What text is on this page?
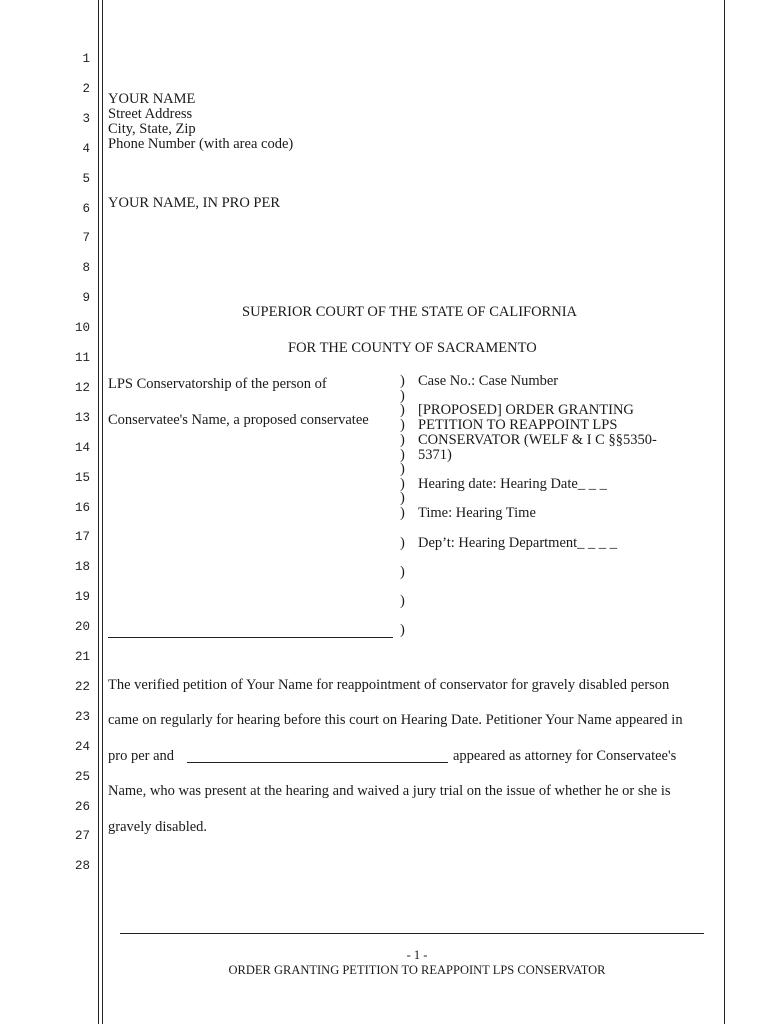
1
2
3
4
5
6
7
8
9
10
11
12
13
14
15
16
17
18
19
20
21
22
23
24
25
26
27
28
YOUR NAME
Street Address
City, State, Zip
Phone Number (with area code)
YOUR NAME, IN PRO PER
SUPERIOR COURT OF THE STATE OF CALIFORNIA
FOR THE COUNTY OF SACRAMENTO
LPS Conservatorship of the person of
Conservatee's Name, a proposed conservatee
)
)
)
)
)
)
)
)
)
)
)
)
)
)
Case No.: Case Number
[PROPOSED] ORDER GRANTING
PETITION TO REAPPOINT LPS
CONSERVATOR (WELF & I C §§5350-
5371)
Hearing date: Hearing Date_ _ _
Time: Hearing Time
Dep’t: Hearing Department_ _ _ _
The verified petition of Your Name for reappointment of conservator for gravely disabled person
came on regularly for hearing before this court on Hearing Date. Petitioner Your Name appeared in
pro per and	appeared as attorney for Conservatee's
Name, who was present at the hearing and waived a jury trial on the issue of whether he or she is
gravely disabled.
- 1 -
ORDER GRANTING PETITION TO REAPPOINT LPS CONSERVATOR
